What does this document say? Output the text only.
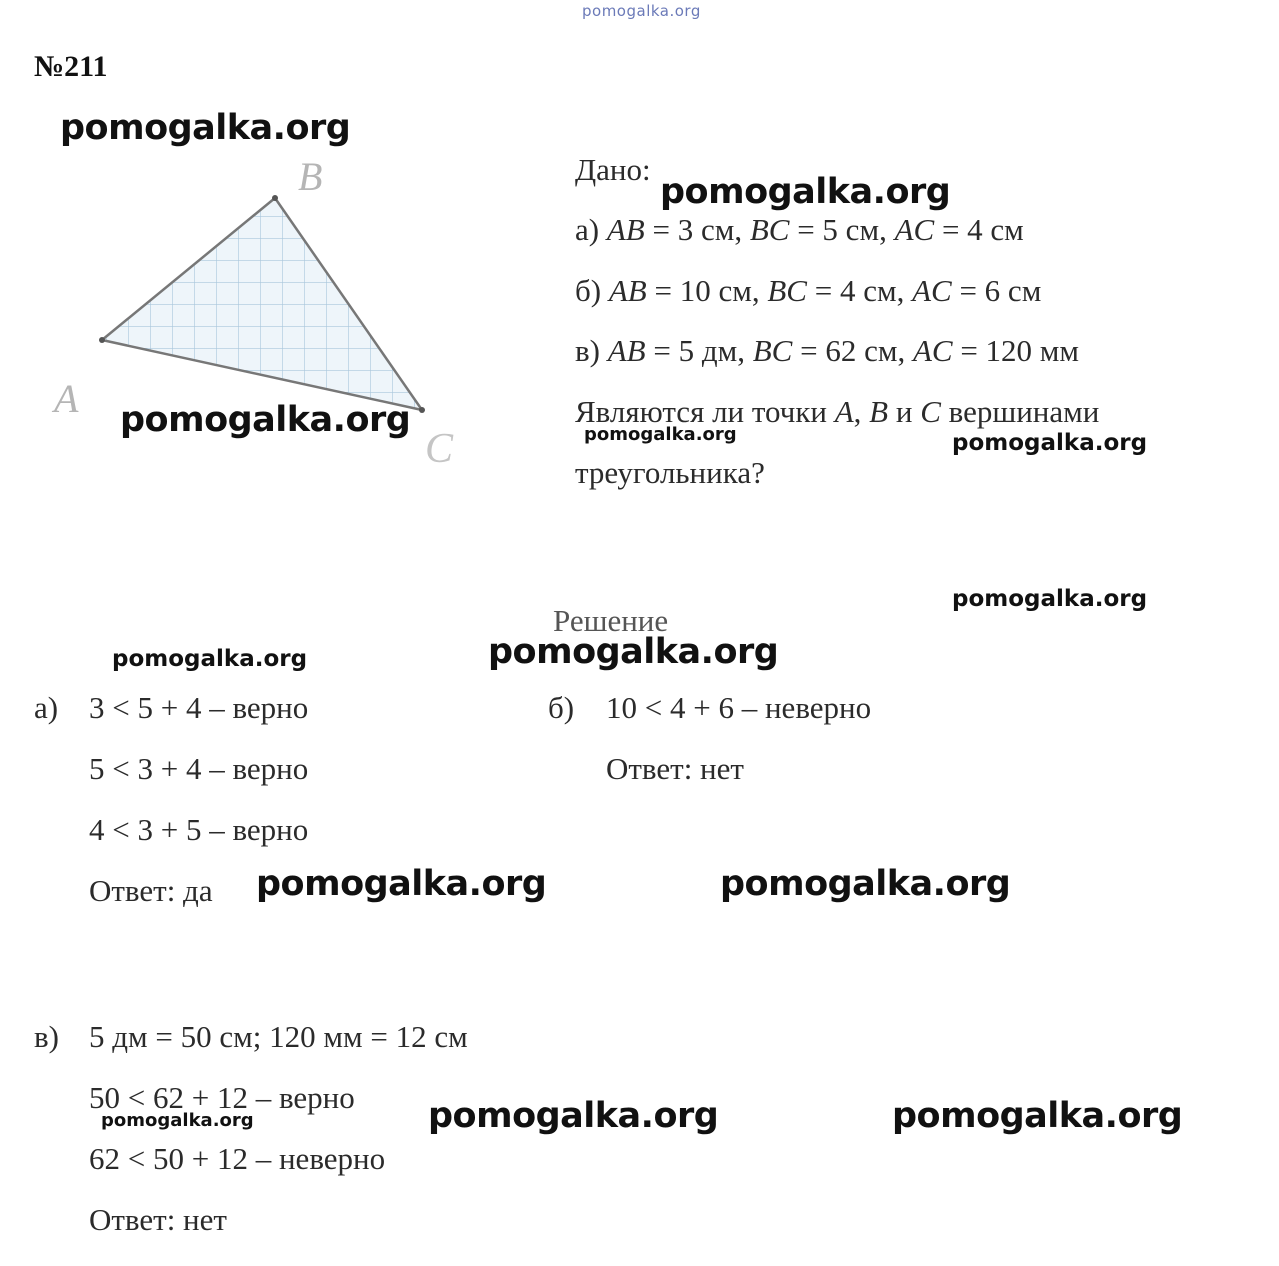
pomogalka.org
№211
A
B
C
pomogalka.org
pomogalka.org
Дано:
pomogalka.org
а) AB = 3 см, BC = 5 см, AC = 4 см
б) AB = 10 см, BC = 4 см, AC = 6 см
в) AB = 5 дм, BC = 62 см, AC = 120 мм
Являются ли точки A, B и C вершинами
pomogalka.org	pomogalka.org
треугольника?
pomogalka.org
Решение
pomogalka.org	pomogalka.org
а) 3 < 5 + 4 – верно
5 < 3 + 4 – верно
4 < 3 + 5 – верно
Ответ: да pomogalka.org
б) 10 < 4 + 6 – неверно
Ответ: нет
pomogalka.org
в) 5 дм = 50 см; 120 мм = 12 см
50 < 62 + 12 – верно
pomogalka.org	pomogalka.org	pomogalka.org
62 < 50 + 12 – неверно
Ответ: нет
